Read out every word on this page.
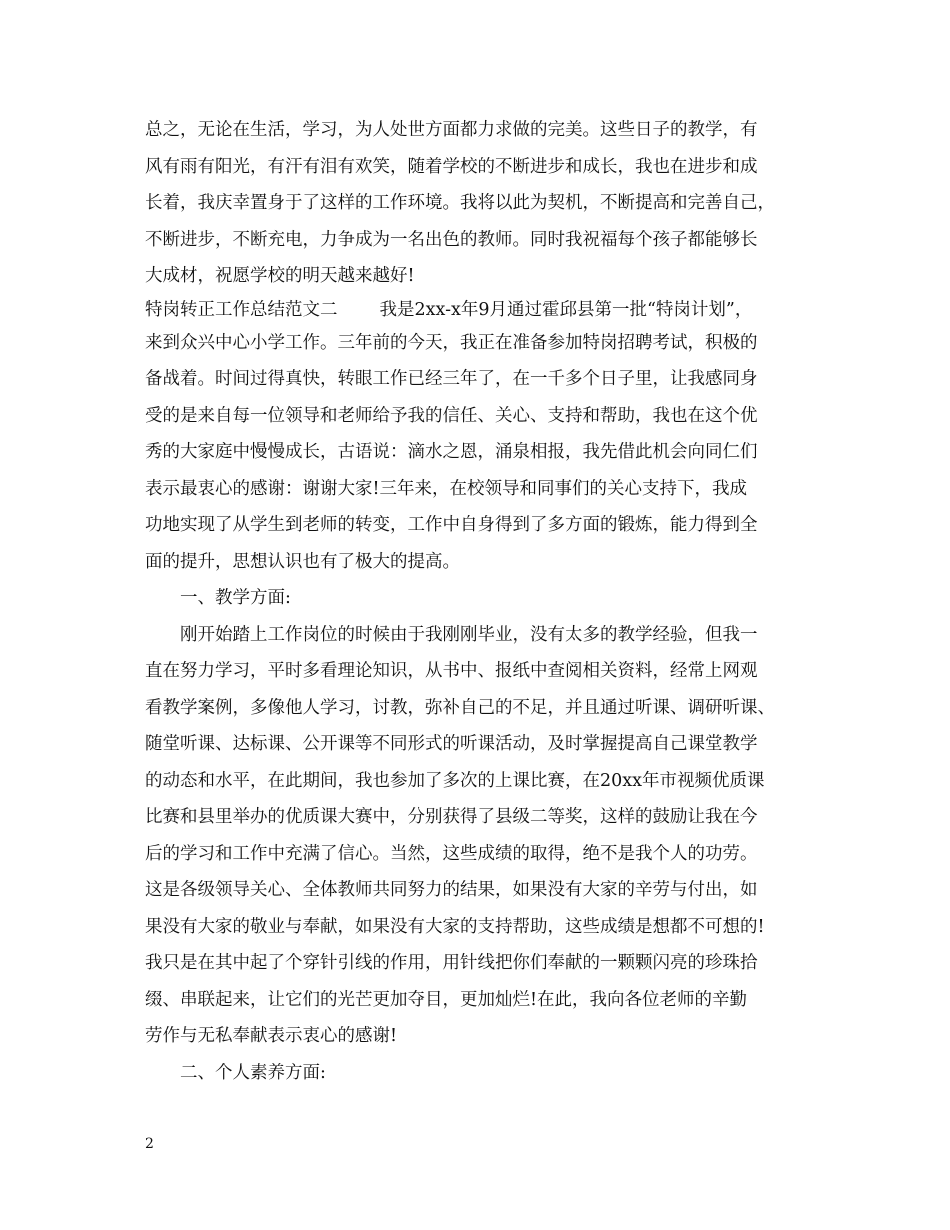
总之，无论在生活，学习，为人处世方面都力求做的完美。这些日子的教学，有
风有雨有阳光，有汗有泪有欢笑，随着学校的不断进步和成长，我也在进步和成
长着，我庆幸置身于了这样的工作环境。我将以此为契机，不断提高和完善自己，
不断进步，不断充电，力争成为一名出色的教师。同时我祝福每个孩子都能够长
大成材，祝愿学校的明天越来越好!
特岗转正工作总结范文二 我是2xx-x年9月通过霍邱县第一批“特岗计划”，
来到众兴中心小学工作。三年前的今天，我正在准备参加特岗招聘考试，积极的
备战着。时间过得真快，转眼工作已经三年了，在一千多个日子里，让我感同身
受的是来自每一位领导和老师给予我的信任、关心、支持和帮助，我也在这个优
秀的大家庭中慢慢成长，古语说：滴水之恩，涌泉相报，我先借此机会向同仁们
表示最衷心的感谢：谢谢大家!三年来，在校领导和同事们的关心支持下，我成
功地实现了从学生到老师的转变，工作中自身得到了多方面的锻炼，能力得到全
面的提升，思想认识也有了极大的提高。
一、教学方面:
刚开始踏上工作岗位的时候由于我刚刚毕业，没有太多的教学经验，但我一
直在努力学习，平时多看理论知识，从书中、报纸中查阅相关资料，经常上网观
看教学案例，多像他人学习，讨教，弥补自己的不足，并且通过听课、调研听课、
随堂听课、达标课、公开课等不同形式的听课活动，及时掌握提高自己课堂教学
的动态和水平，在此期间，我也参加了多次的上课比赛，在20xx年市视频优质课
比赛和县里举办的优质课大赛中，分别获得了县级二等奖，这样的鼓励让我在今
后的学习和工作中充满了信心。当然，这些成绩的取得，绝不是我个人的功劳。
这是各级领导关心、全体教师共同努力的结果，如果没有大家的辛劳与付出，如
果没有大家的敬业与奉献，如果没有大家的支持帮助，这些成绩是想都不可想的!
我只是在其中起了个穿针引线的作用，用针线把你们奉献的一颗颗闪亮的珍珠拾
缀、串联起来，让它们的光芒更加夺目，更加灿烂!在此，我向各位老师的辛勤
劳作与无私奉献表示衷心的感谢!
二、个人素养方面:
2
